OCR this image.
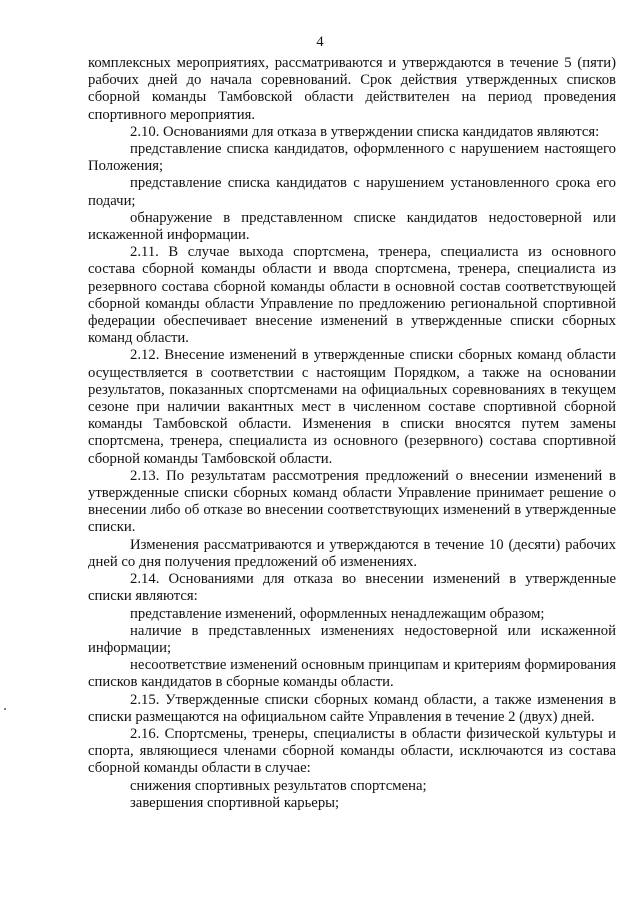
4

комплексных мероприятиях, рассматриваются и утверждаются в течение 5 (пяти) рабочих дней до начала соревнований. Срок действия утвержденных списков сборной команды Тамбовской области действителен на период проведения спортивного мероприятия.

2.10. Основаниями для отказа в утверждении списка кандидатов являются:

представление списка кандидатов, оформленного с нарушением настоящего Положения;

представление списка кандидатов с нарушением установленного срока его подачи;

обнаружение в представленном списке кандидатов недостоверной или искаженной информации.

2.11. В случае выхода спортсмена, тренера, специалиста из основного состава сборной команды области и ввода спортсмена, тренера, специалиста из резервного состава сборной команды области в основной состав соответствующей сборной команды области Управление по предложению региональной спортивной федерации обеспечивает внесение изменений в утвержденные списки сборных команд области.

2.12. Внесение изменений в утвержденные списки сборных команд области осуществляется в соответствии с настоящим Порядком, а также на основании результатов, показанных спортсменами на официальных соревнованиях в текущем сезоне при наличии вакантных мест в численном составе спортивной сборной команды Тамбовской области. Изменения в списки вносятся путем замены спортсмена, тренера, специалиста из основного (резервного) состава спортивной сборной команды Тамбовской области.

2.13. По результатам рассмотрения предложений о внесении изменений в утвержденные списки сборных команд области Управление принимает решение о внесении либо об отказе во внесении соответствующих изменений в утвержденные списки.

Изменения рассматриваются и утверждаются в течение 10 (десяти) рабочих дней со дня получения предложений об изменениях.

2.14. Основаниями для отказа во внесении изменений в утвержденные списки являются:

представление изменений, оформленных ненадлежащим образом;

наличие в представленных изменениях недостоверной или искаженной информации;

несоответствие изменений основным принципам и критериям формирования списков кандидатов в сборные команды области.

2.15. Утвержденные списки сборных команд области, а также изменения в списки размещаются на официальном сайте Управления в течение 2 (двух) дней.

2.16. Спортсмены, тренеры, специалисты в области физической культуры и спорта, являющиеся членами сборной команды области, исключаются из состава сборной команды области в случае:

снижения спортивных результатов спортсмена;

завершения спортивной карьеры;
